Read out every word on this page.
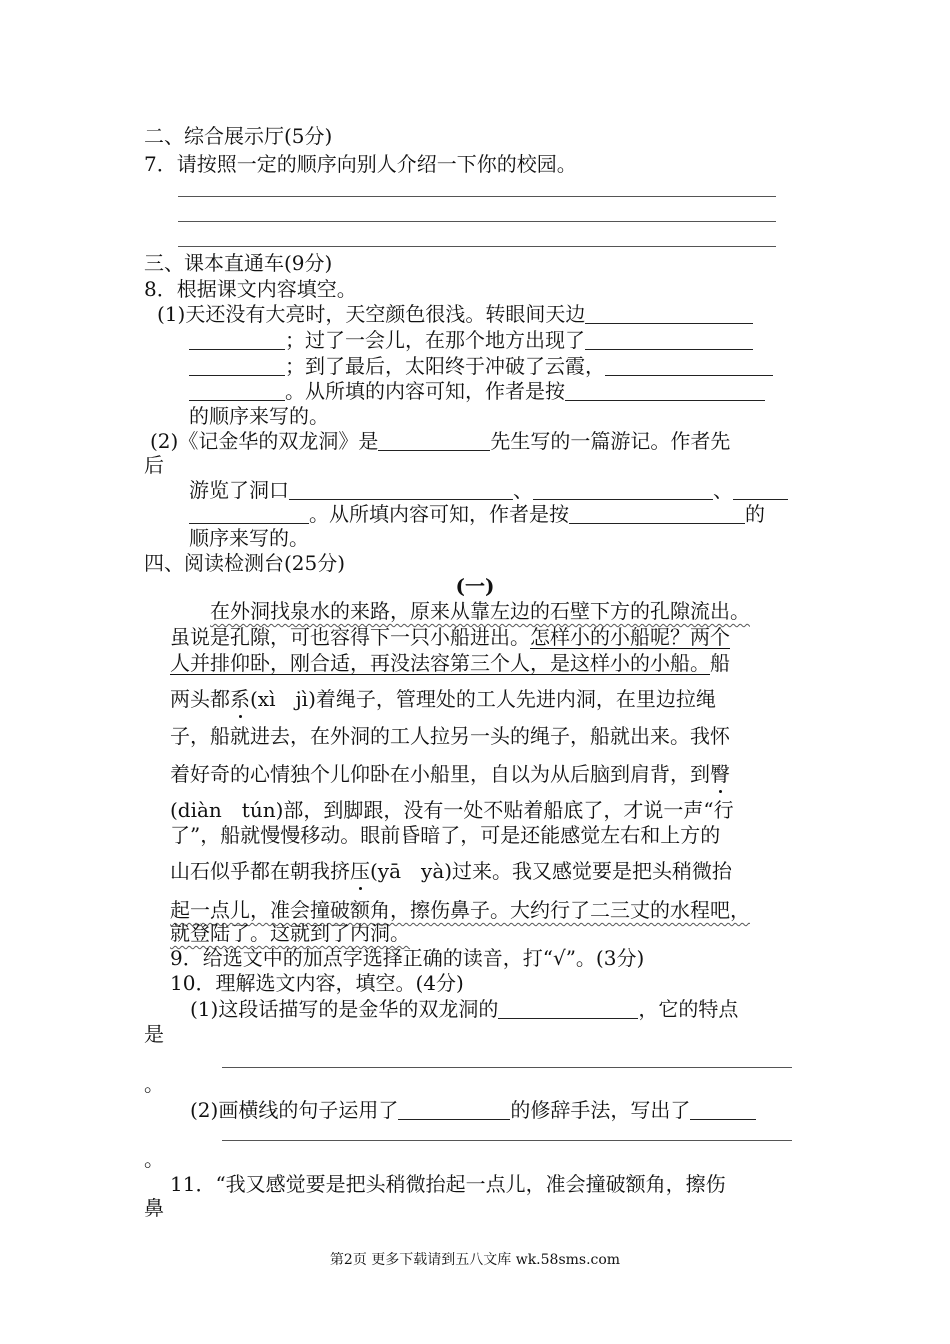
二、综合展示厅(5分)
7．请按照一定的顺序向别人介绍一下你的校园。
三、课本直通车(9分)
8．根据课文内容填空。
(1)天还没有大亮时，天空颜色很浅。转眼间天边
；过了一会儿，在那个地方出现了
；到了最后，太阳终于冲破了云霞，
。从所填的内容可知，作者是按
的顺序来写的。
(2)《记金华的双龙洞》是	先生写的一篇游记。作者先
后
游览了洞口	、	、
。从所填内容可知，作者是按	的
顺序来写的。
四、阅读检测台(25分)
(一)
在外洞找泉水的来路，原来从靠左边的石壁下方的孔隙流出。
虽说是孔隙，可也容得下一只小船进出。怎样小的小船呢？两个
人并排仰卧，刚合适，再没法容第三个人，是这样小的小船。船
两头都系(xì　jì)着绳子，管理处的工人先进内洞，在里边拉绳
子，船就进去，在外洞的工人拉另一头的绳子，船就出来。我怀
着好奇的心情独个儿仰卧在小船里，自以为从后脑到肩背，到臀
(diàn　tún)部，到脚跟，没有一处不贴着船底了，才说一声“行
了”，船就慢慢移动。眼前昏暗了，可是还能感觉左右和上方的
山石似乎都在朝我挤压(yā　yà)过来。我又感觉要是把头稍微抬
起一点儿，准会撞破额角，擦伤鼻子。大约行了二三丈的水程吧，
就登陆了。这就到了内洞。
9．给选文中的加点字选择正确的读音，打“√”。(3分)
10．理解选文内容，填空。(4分)
(1)这段话描写的是金华的双龙洞的	，它的特点
是
。
(2)画横线的句子运用了	的修辞手法，写出了
。
11．“我又感觉要是把头稍微抬起一点儿，准会撞破额角，擦伤
鼻
第2页 更多下载请到五八文库 wk.58sms.com
